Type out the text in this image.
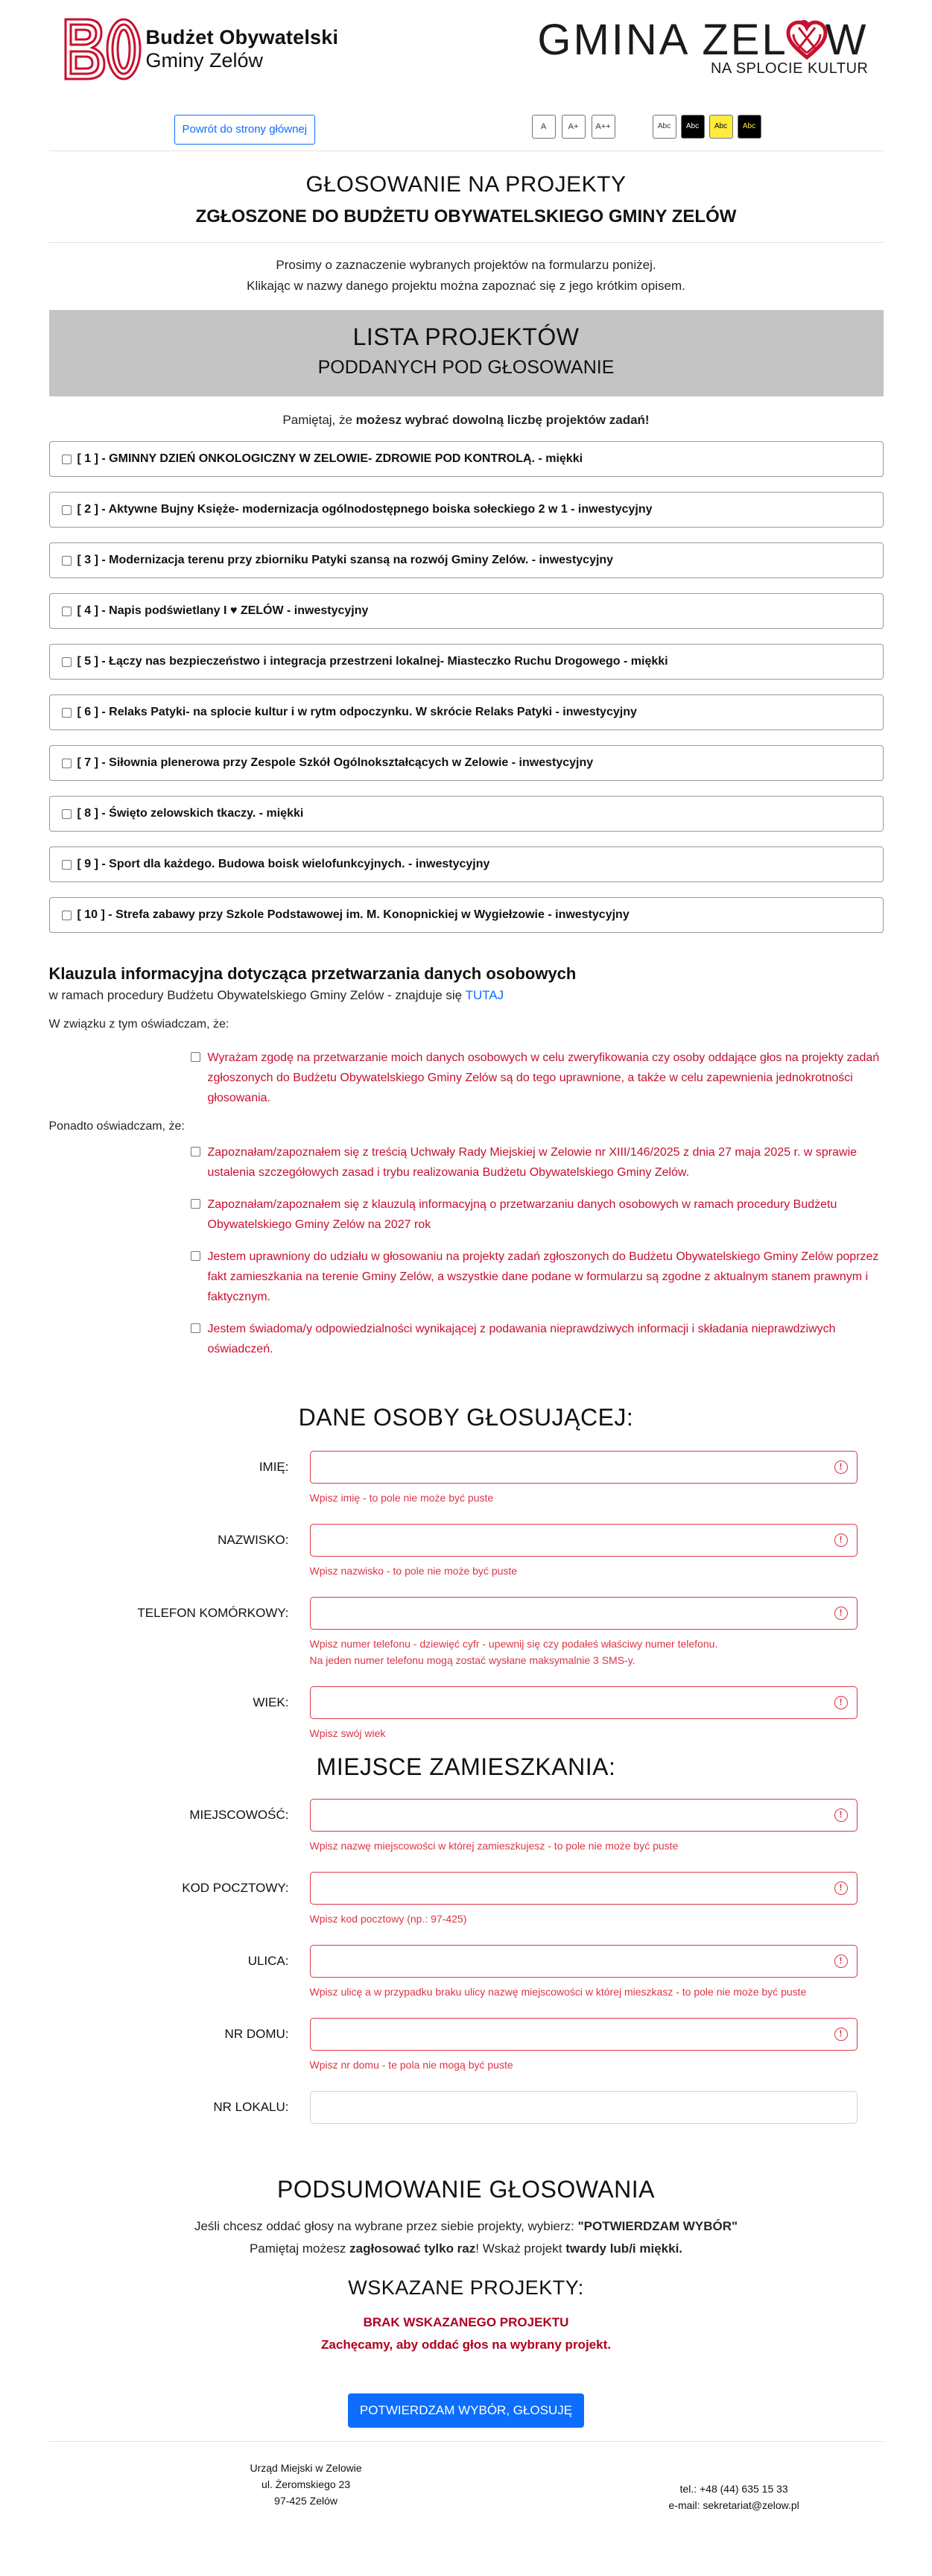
Budżet Obywatelski
Gminy Zelów	GMINA ZEL W
NA SPLOCIE KULTUR
Powrót do strony głównej	A	A+	A++	Abc	Abc	Abc	Abc
GŁOSOWANIE NA PROJEKTY
ZGŁOSZONE DO BUDŻETU OBYWATELSKIEGO GMINY ZELÓW
Prosimy o zaznaczenie wybranych projektów na formularzu poniżej.
Klikając w nazwy danego projektu można zapoznać się z jego krótkim opisem.
LISTA PROJEKTÓW
PODDANYCH POD GŁOSOWANIE
Pamiętaj, że możesz wybrać dowolną liczbę projektów zadań!
[ 1 ] - GMINNY DZIEŃ ONKOLOGICZNY W ZELOWIE- ZDROWIE POD KONTROLĄ. - miękki
[ 2 ] - Aktywne Bujny Księże- modernizacja ogólnodostępnego boiska sołeckiego 2 w 1 - inwestycyjny
[ 3 ] - Modernizacja terenu przy zbiorniku Patyki szansą na rozwój Gminy Zelów. - inwestycyjny
[ 4 ] - Napis podświetlany I ♥ ZELÓW - inwestycyjny
[ 5 ] - Łączy nas bezpieczeństwo i integracja przestrzeni lokalnej- Miasteczko Ruchu Drogowego - miękki
[ 6 ] - Relaks Patyki- na splocie kultur i w rytm odpoczynku. W skrócie Relaks Patyki - inwestycyjny
[ 7 ] - Siłownia plenerowa przy Zespole Szkół Ogólnokształcących w Zelowie - inwestycyjny
[ 8 ] - Święto zelowskich tkaczy. - miękki
[ 9 ] - Sport dla każdego. Budowa boisk wielofunkcyjnych. - inwestycyjny
[ 10 ] - Strefa zabawy przy Szkole Podstawowej im. M. Konopnickiej w Wygiełzowie - inwestycyjny
Klauzula informacyjna dotycząca przetwarzania danych osobowych
w ramach procedury Budżetu Obywatelskiego Gminy Zelów - znajduje się TUTAJ
W związku z tym oświadczam, że:
Wyrażam zgodę na przetwarzanie moich danych osobowych w celu zweryfikowania czy osoby oddające głos na projekty zadań zgłoszonych do Budżetu Obywatelskiego Gminy Zelów są do tego uprawnione, a także w celu zapewnienia jednokrotności głosowania.
Ponadto oświadczam, że:
Zapoznałam/zapoznałem się z treścią Uchwały Rady Miejskiej w Zelowie nr XIII/146/2025 z dnia 27 maja 2025 r. w sprawie ustalenia szczegółowych zasad i trybu realizowania Budżetu Obywatelskiego Gminy Zelów.
Zapoznałam/zapoznałem się z klauzulą informacyjną o przetwarzaniu danych osobowych w ramach procedury Budżetu Obywatelskiego Gminy Zelów na 2027 rok
Jestem uprawniony do udziału w głosowaniu na projekty zadań zgłoszonych do Budżetu Obywatelskiego Gminy Zelów poprzez fakt zamieszkania na terenie Gminy Zelów, a wszystkie dane podane w formularzu są zgodne z aktualnym stanem prawnym i faktycznym.
Jestem świadoma/y odpowiedzialności wynikającej z podawania nieprawdziwych informacji i składania nieprawdziwych oświadczeń.
DANE OSOBY GŁOSUJĄCEJ:
IMIĘ:	!
Wpisz imię - to pole nie może być puste
NAZWISKO:	!
Wpisz nazwisko - to pole nie może być puste
TELEFON KOMÓRKOWY:	!
Wpisz numer telefonu - dziewięć cyfr - upewnij się czy podałeś właściwy numer telefonu.
Na jeden numer telefonu mogą zostać wysłane maksymalnie 3 SMS-y.
WIEK:	!
Wpisz swój wiek
MIEJSCE ZAMIESZKANIA:
MIEJSCOWOŚĆ:	!
Wpisz nazwę miejscowości w której zamieszkujesz - to pole nie może być puste
KOD POCZTOWY:	!
Wpisz kod pocztowy (np.: 97-425)
ULICA:	!
Wpisz ulicę a w przypadku braku ulicy nazwę miejscowości w której mieszkasz - to pole nie może być puste
NR DOMU:	!
Wpisz nr domu - te pola nie mogą być puste
NR LOKALU:
PODSUMOWANIE GŁOSOWANIA
Jeśli chcesz oddać głosy na wybrane przez siebie projekty, wybierz: "POTWIERDZAM WYBÓR"
Pamiętaj możesz zagłosować tylko raz! Wskaż projekt twardy lub/i miękki.
WSKAZANE PROJEKTY:
BRAK WSKAZANEGO PROJEKTU
Zachęcamy, aby oddać głos na wybrany projekt.
POTWIERDZAM WYBÓR, GŁOSUJĘ
Urząd Miejski w Zelowie
ul. Żeromskiego 23
97-425 Zelów
tel.: +48 (44) 635 15 33
e-mail: sekretariat@zelow.pl
